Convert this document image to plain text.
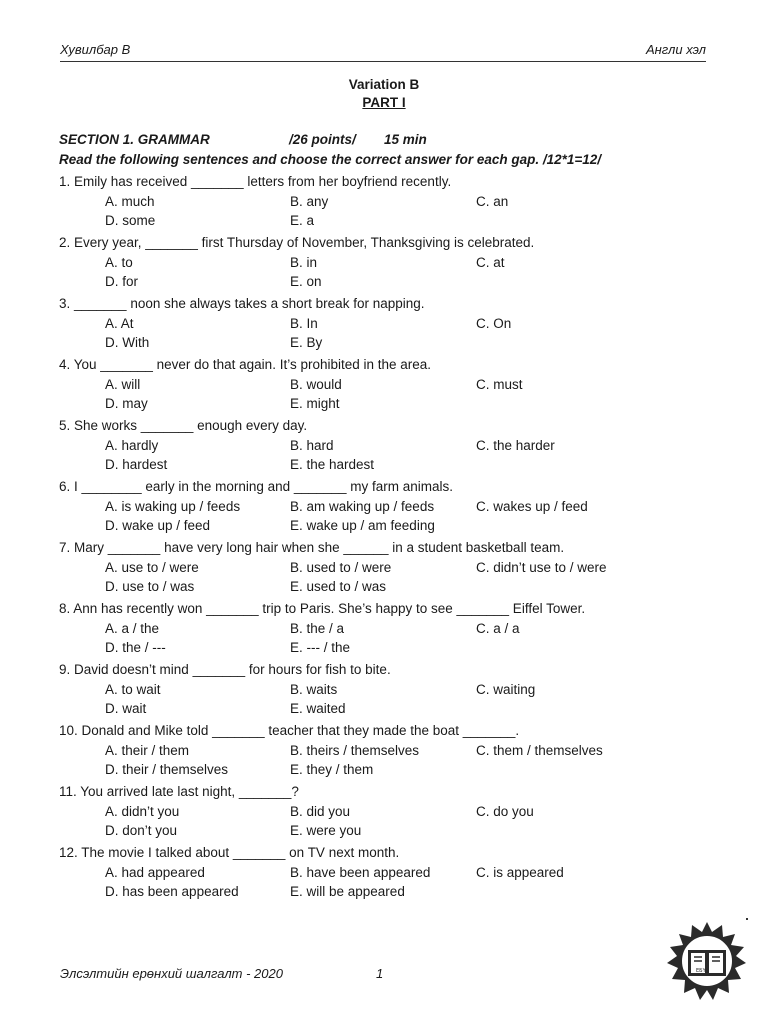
Хувилбар В	Англи хэл
Variation B
PART I
SECTION 1. GRAMMAR	/26 points/ 15 min
Read the following sentences and choose the correct answer for each gap. /12*1=12/
1. Emily has received _______ letters from her boyfriend recently.
A. much	B. any	C. an
D. some	E. a
2. Every year, _______ first Thursday of November, Thanksgiving is celebrated.
A. to	B. in	C. at
D. for	E. on
3. _______ noon she always takes a short break for napping.
A. At	B. In	C. On
D. With	E. By
4. You _______ never do that again. It’s prohibited in the area.
A. will	B. would	C. must
D. may	E. might
5. She works _______ enough every day.
A. hardly	B. hard	C. the harder
D. hardest	E. the hardest
6. I ________ early in the morning and _______ my farm animals.
A. is waking up / feeds	B. am waking up / feeds	C. wakes up / feed
D. wake up / feed	E. wake up / am feeding
7. Mary _______ have very long hair when she ______ in a student basketball team.
A. use to / were	B. used to / were	C. didn’t use to / were
D. use to / was	E. used to / was
8. Ann has recently won _______ trip to Paris. She’s happy to see _______ Eiffel Tower.
A. a / the	B. the / a	C. a / a
D. the / ---	E. --- / the
9. David doesn’t mind _______ for hours for fish to bite.
A. to wait	B. waits	C. waiting
D. wait	E. waited
10. Donald and Mike told _______ teacher that they made the boat _______.
A. their / them	B. theirs / themselves	C. them / themselves
D. their / themselves	E. they / them
11. You arrived late last night, _______?
A. didn’t you	B. did you	C. do you
D. don’t you	E. were you
12. The movie I talked about _______ on TV next month.
A. had appeared	B. have been appeared	C. is appeared
D. has been appeared	E. will be appeared
Элсэлтийн ерөнхий шалгалт - 2020	1	ЕБҮ
